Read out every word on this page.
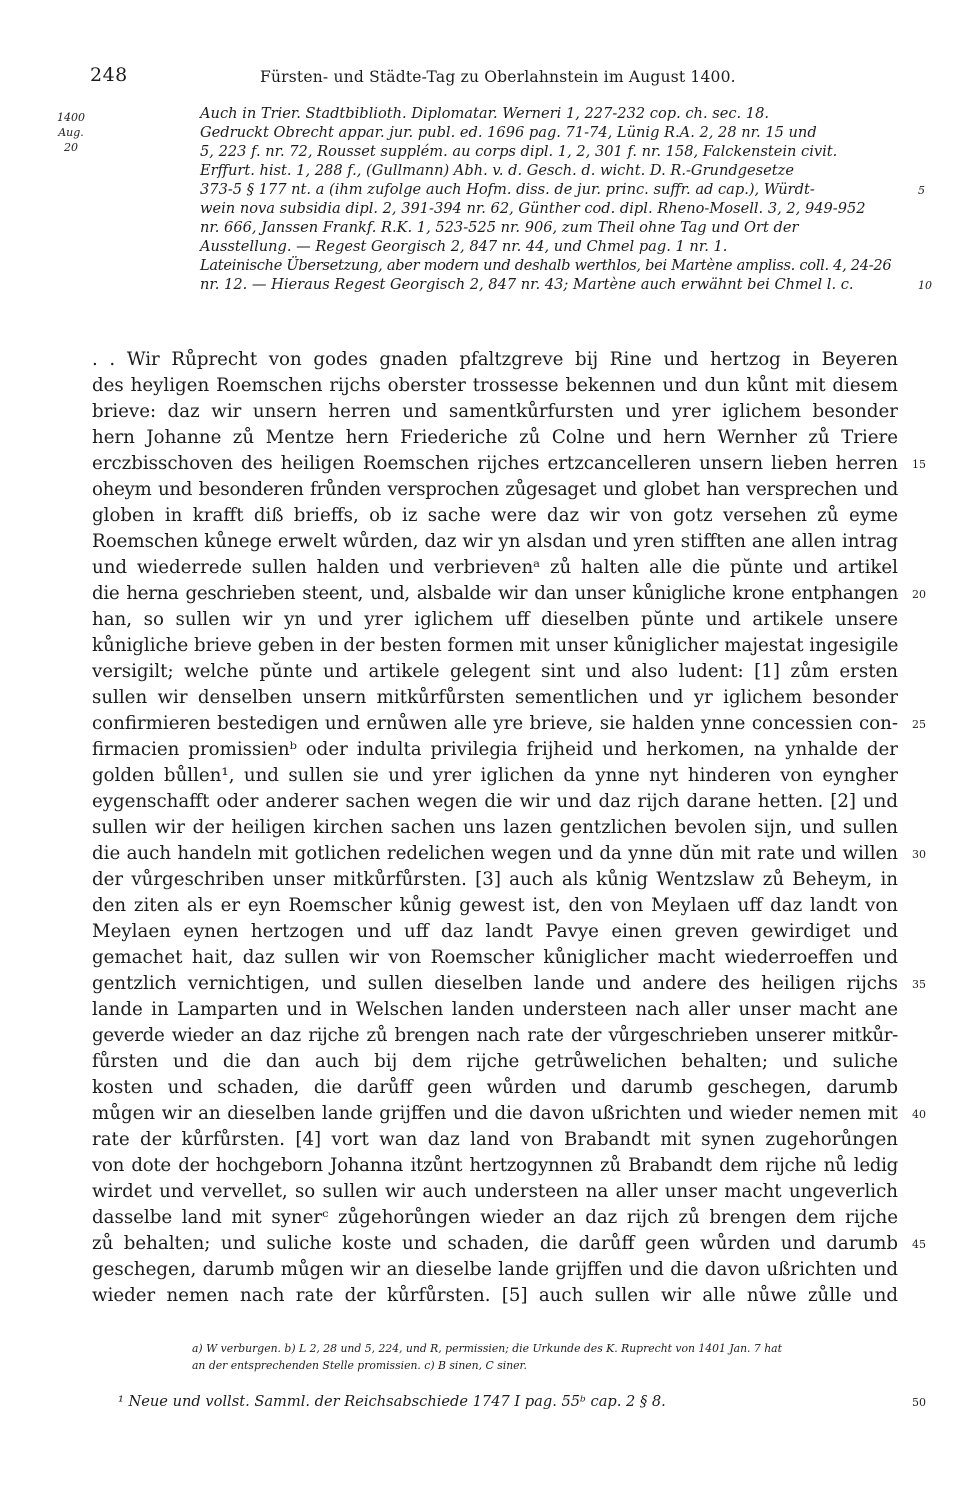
248	Fürsten- und Städte-Tag zu Oberlahnstein im August 1400.
1400
Aug. 20
Auch in Trier. Stadtbiblioth. Diplomatar. Werneri 1, 227-232 cop. ch. sec. 18.
Gedruckt Obrecht appar. jur. publ. ed. 1696 pag. 71-74, Lünig R.A. 2, 28 nr. 15 und
5, 223 f. nr. 72, Rousset supplém. au corps dipl. 1, 2, 301 f. nr. 158, Falckenstein civit.
Erffurt. hist. 1, 288 f., (Gullmann) Abh. v. d. Gesch. d. wicht. D. R.-Grundgesetze
373-5 § 177 nt. a (ihm zufolge auch Hofm. diss. de jur. princ. suffr. ad cap.), Würdt-
wein nova subsidia dipl. 2, 391-394 nr. 62, Günther cod. dipl. Rheno-Mosell. 3, 2, 949-952
nr. 666, Janssen Frankf. R.K. 1, 523-525 nr. 906, zum Theil ohne Tag und Ort der
Ausstellung. — Regest Georgisch 2, 847 nr. 44, und Chmel pag. 1 nr. 1.
Lateinische Übersetzung, aber modern und deshalb werthlos, bei Martène ampliss. coll. 4, 24-26
nr. 12. — Hieraus Regest Georgisch 2, 847 nr. 43; Martène auch erwähnt bei Chmel l. c.
5
10
. . Wir Růprecht von godes gnaden pfaltzgreve bij Rine und hertzog in Beyeren
des heyligen Roemschen rijchs oberster trossesse bekennen und dun kůnt mit diesem
brieve: daz wir unsern herren und samentkůrfursten und yrer iglichem besonder
hern Johanne zů Mentze hern Friederiche zů Colne und hern Wernher zů Triere
erczbisschoven des heiligen Roemschen rijches ertzcancelleren unsern lieben herren
oheym und besonderen frůnden versprochen zůgesaget und globet han versprechen und
globen in krafft diß brieffs, ob iz sache were daz wir von gotz versehen zů eyme
Roemschen kůnege erwelt wůrden, daz wir yn alsdan und yren stifften ane allen intrag
und wiederrede sullen halden und verbrievenᵃ zů halten alle die pŭnte und artikel
die herna geschrieben steent, und, alsbalde wir dan unser kůnigliche krone entphangen
han, so sullen wir yn und yrer iglichem uff dieselben pŭnte und artikele unsere
kůnigliche brieve geben in der besten formen mit unser kůniglicher majestat ingesigile
versigilt; welche pŭnte und artikele gelegent sint und also ludent: [1] zům ersten
sullen wir denselben unsern mitkůrfůrsten sementlichen und yr iglichem besonder
confirmieren bestedigen und ernůwen alle yre brieve, sie halden ynne concessien con-
firmacien promissienᵇ oder indulta privilegia frijheid und herkomen, na ynhalde der
golden bůllen¹, und sullen sie und yrer iglichen da ynne nyt hinderen von eyngher
eygenschafft oder anderer sachen wegen die wir und daz rijch darane hetten. [2] und
sullen wir der heiligen kirchen sachen uns lazen gentzlichen bevolen sijn, und sullen
die auch handeln mit gotlichen redelichen wegen und da ynne dŭn mit rate und willen
der vůrgeschriben unser mitkůrfůrsten. [3] auch als kůnig Wentzslaw zů Beheym, in
den ziten als er eyn Roemscher kůnig gewest ist, den von Meylaen uff daz landt von
Meylaen eynen hertzogen und uff daz landt Pavye einen greven gewirdiget und
gemachet hait, daz sullen wir von Roemscher kůniglicher macht wiederroeffen und
gentzlich vernichtigen, und sullen dieselben lande und andere des heiligen rijchs
lande in Lamparten und in Welschen landen understeen nach aller unser macht ane
geverde wieder an daz rijche zů brengen nach rate der vůrgeschrieben unserer mitkůr-
fůrsten und die dan auch bij dem rijche getrůwelichen behalten; und suliche
kosten und schaden, die darůff geen wůrden und darumb geschegen, darumb
můgen wir an dieselben lande grijffen und die davon ußrichten und wieder nemen mit
rate der kůrfůrsten. [4] vort wan daz land von Brabandt mit synen zugehorůngen
von dote der hochgeborn Johanna itzůnt hertzogynnen zů Brabandt dem rijche nů ledig
wirdet und vervellet, so sullen wir auch understeen na aller unser macht ungeverlich
dasselbe land mit synerᶜ zůgehorůngen wieder an daz rijch zů brengen dem rijche
zů behalten; und suliche koste und schaden, die darůff geen wůrden und darumb
geschegen, darumb můgen wir an dieselbe lande grijffen und die davon ußrichten und
wieder nemen nach rate der kůrfůrsten. [5] auch sullen wir alle nůwe zůlle und
15
20
25
30
35
40
45
a) W verburgen. b) L 2, 28 und 5, 224, und R, permissien; die Urkunde des K. Ruprecht von 1401 Jan. 7 hat
an der entsprechenden Stelle promissien. c) B sinen, C siner.
¹ Neue und vollst. Samml. der Reichsabschiede 1747 I pag. 55ᵇ cap. 2 § 8.	50
